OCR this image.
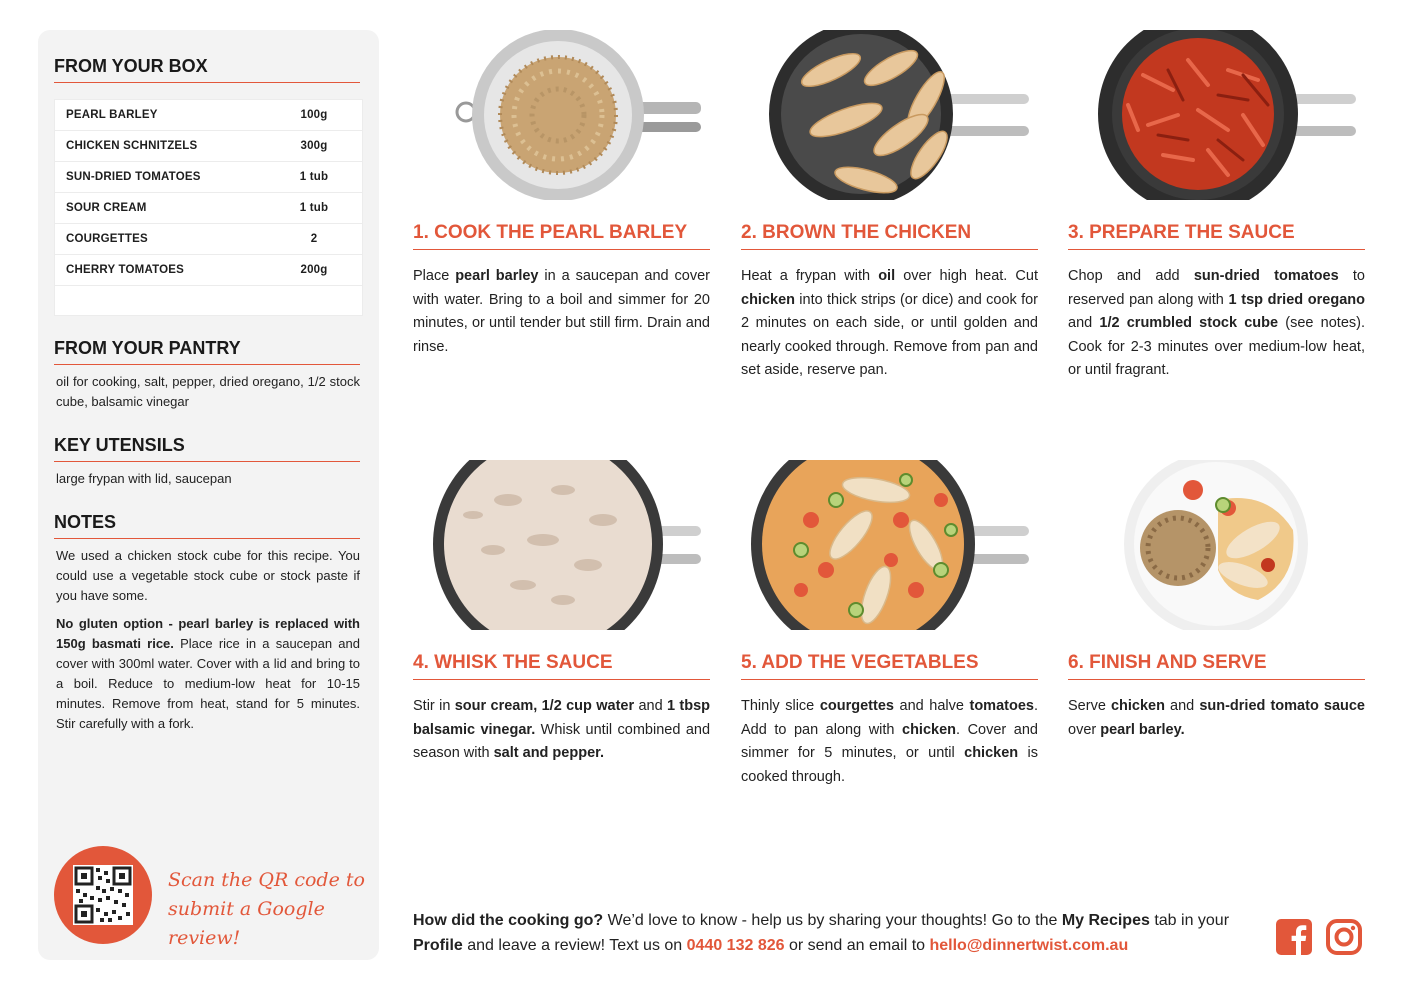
FROM YOUR BOX
PEARL BARLEY	100g
CHICKEN SCHNITZELS	300g
SUN-DRIED TOMATOES	1 tub
SOUR CREAM	1 tub
COURGETTES	2
CHERRY TOMATOES	200g
FROM YOUR PANTRY
oil for cooking, salt, pepper, dried oregano, 1/2 stock cube, balsamic vinegar
KEY UTENSILS
large frypan with lid, saucepan
NOTES
We used a chicken stock cube for this recipe. You could use a vegetable stock cube or stock paste if you have some.
No gluten option - pearl barley is replaced with 150g basmati rice. Place rice in a saucepan and cover with 300ml water. Cover with a lid and bring to a boil. Reduce to medium-low heat for 10-15 minutes. Remove from heat, stand for 5 minutes. Stir carefully with a fork.
Scan the QR code to
submit a Google review!
1. COOK THE PEARL BARLEY
Place pearl barley in a saucepan and cover with water. Bring to a boil and simmer for 20 minutes, or until tender but still firm. Drain and rinse.
2. BROWN THE CHICKEN
Heat a frypan with oil over high heat. Cut chicken into thick strips (or dice) and cook for 2 minutes on each side, or until golden and nearly cooked through. Remove from pan and set aside, reserve pan.
3. PREPARE THE SAUCE
Chop and add sun-dried tomatoes to reserved pan along with 1 tsp dried oregano and 1/2 crumbled stock cube (see notes). Cook for 2-3 minutes over medium-low heat, or until fragrant.
4. WHISK THE SAUCE
Stir in sour cream, 1/2 cup water and 1 tbsp balsamic vinegar. Whisk until combined and season with salt and pepper.
5. ADD THE VEGETABLES
Thinly slice courgettes and halve tomatoes. Add to pan along with chicken. Cover and simmer for 5 minutes, or until chicken is cooked through.
6. FINISH AND SERVE
Serve chicken and sun-dried tomato sauce over pearl barley.
How did the cooking go? We’d love to know - help us by sharing your thoughts! Go to the My Recipes tab in your Profile and leave a review! Text us on 0440 132 826 or send an email to hello@dinnertwist.com.au
